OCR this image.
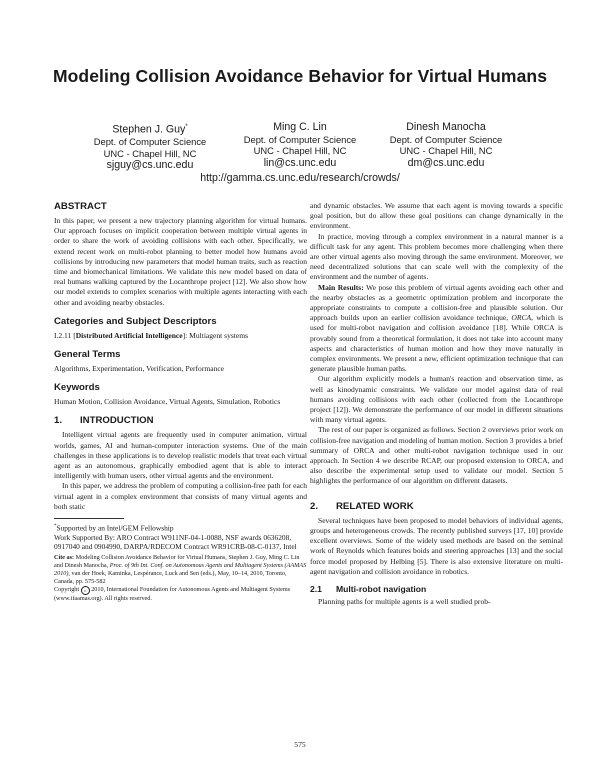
Modeling Collision Avoidance Behavior for Virtual Humans
Stephen J. Guy*
Dept. of Computer Science
UNC - Chapel Hill, NC
sjguy@cs.unc.edu
Ming C. Lin
Dept. of Computer Science
UNC - Chapel Hill, NC
lin@cs.unc.edu
Dinesh Manocha
Dept. of Computer Science
UNC - Chapel Hill, NC
dm@cs.unc.edu
http://gamma.cs.unc.edu/research/crowds/
ABSTRACT

In this paper, we present a new trajectory planning algorithm for virtual humans. Our approach focuses on implicit cooperation between multiple virtual agents in order to share the work of avoiding collisions with each other. Specifically, we extend recent work on multi-robot planning to better model how humans avoid collisions by introducing new parameters that model human traits, such as reaction time and biomechanical limitations. We validate this new model based on data of real humans walking captured by the Locanthrope project [12]. We also show how our model extends to complex scenarios with multiple agents interacting with each other and avoiding nearby obstacles.

Categories and Subject Descriptors

I.2.11 [Distributed Artificial Intelligence]: Multiagent systems

General Terms

Algorithms, Experimentation, Verification, Performance

Keywords

Human Motion, Collision Avoidance, Virtual Agents, Simulation, Robotics

1. INTRODUCTION

Intelligent virtual agents are frequently used in computer animation, virtual worlds, games, AI and human-computer interaction systems. One of the main challenges in these applications is to develop realistic models that treat each virtual agent as an autonomous, graphically embodied agent that is able to interact intelligently with human users, other virtual agents and the environment.

In this paper, we address the problem of computing a collision-free path for each virtual agent in a complex environment that consists of many virtual agents and both static

*Supported by an Intel/GEM Fellowship
Work Supported By: ARO Contract W911NF-04-1-0088, NSF awards 0636208, 0917040 and 0904990, DARPA/RDECOM Contract WR91CRB-08-C-0137, Intel
Cite as: Modeling Collision Avoidance Behavior for Virtual Humans, Stephen J. Guy, Ming C. Lin and Dinesh Manocha, Proc. of 9th Int. Conf. on Autonomous Agents and Multiagent Systems (AAMAS 2010), van der Hoek, Kaminka, Lespérance, Luck and Sen (eds.), May, 10–14, 2010, Toronto, Canada, pp. 575-582
Copyright c 2010, International Foundation for Autonomous Agents and Multiagent Systems (www.ifaamas.org). All rights reserved.

and dynamic obstacles. We assume that each agent is moving towards a specific goal position, but do allow these goal positions can change dynamically in the environment.

In practice, moving through a complex environment in a natural manner is a difficult task for any agent. This problem becomes more challenging when there are other virtual agents also moving through the same environment. Moreover, we need decentralized solutions that can scale well with the complexity of the environment and the number of agents.

Main Results: We pose this problem of virtual agents avoiding each other and the nearby obstacles as a geometric optimization problem and incorporate the appropriate constraints to compute a collision-free and plausible solution. Our approach builds upon an earlier collision avoidance technique, ORCA, which is used for multi-robot navigation and collision avoidance [18]. While ORCA is provably sound from a theoretical formulation, it does not take into account many aspects and characteristics of human motion and how they move naturally in complex environments. We present a new, efficient optimization technique that can generate plausible human paths.

Our algorithm explicitly models a human's reaction and observation time, as well as kinodynamic constraints. We validate our model against data of real humans avoiding collisions with each other (collected from the Locanthrope project [12]). We demonstrate the performance of our model in different situations with many virtual agents.

The rest of our paper is organized as follows. Section 2 overviews prior work on collision-free navigation and modeling of human motion. Section 3 provides a brief summary of ORCA and other multi-robot navigation technique used in our approach. In Section 4 we describe RCAP, our proposed extension to ORCA, and also describe the experimental setup used to validate our model. Section 5 highlights the performance of our algorithm on different datasets.

2. RELATED WORK

Several techniques have been proposed to model behaviors of individual agents, groups and heterogeneous crowds. The recently published surveys [17, 10] provide excellent overviews. Some of the widely used methods are based on the seminal work of Reynolds which features boids and steering approaches [13] and the social force model proposed by Helbing [5]. There is also extensive literature on multi-agent navigation and collision avoidance in robotics.

2.1 Multi-robot navigation

Planning paths for multiple agents is a well studied prob-

575
